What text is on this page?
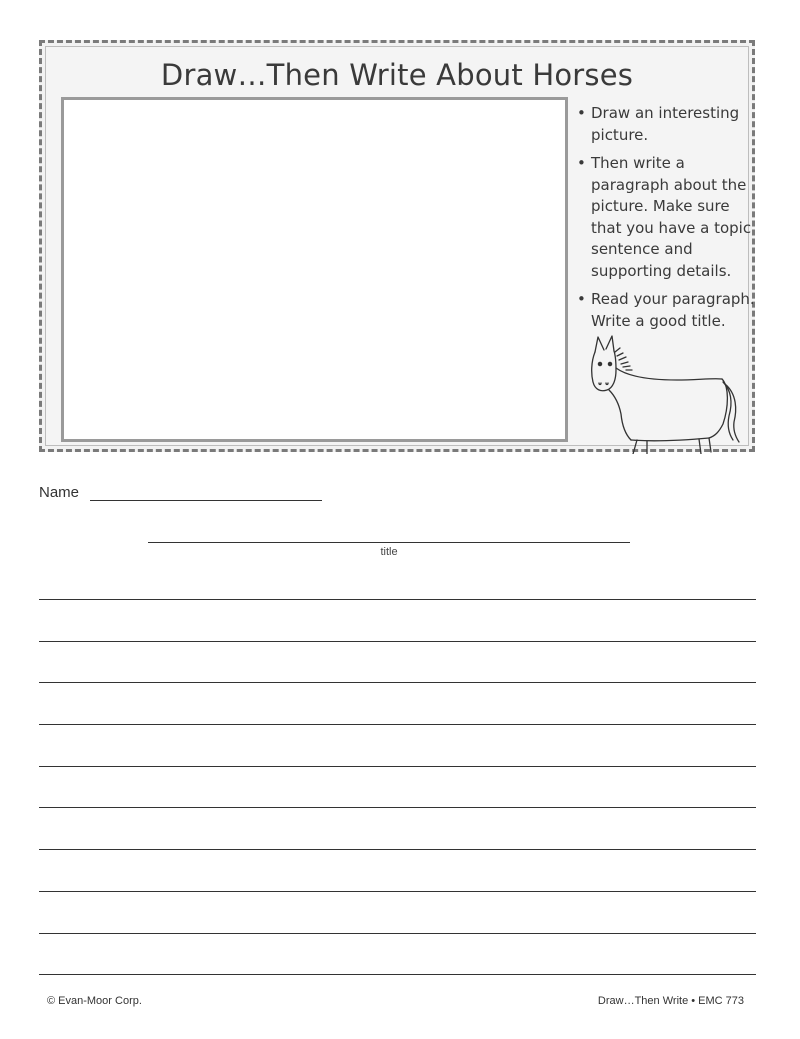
Draw…Then Write About Horses
• Draw an interesting picture.
• Then write a paragraph about the picture. Make sure that you have a topic sentence and supporting details.
• Read your paragraph. Write a good title.
Name
title
© Evan-Moor Corp.	Draw…Then Write • EMC 773
